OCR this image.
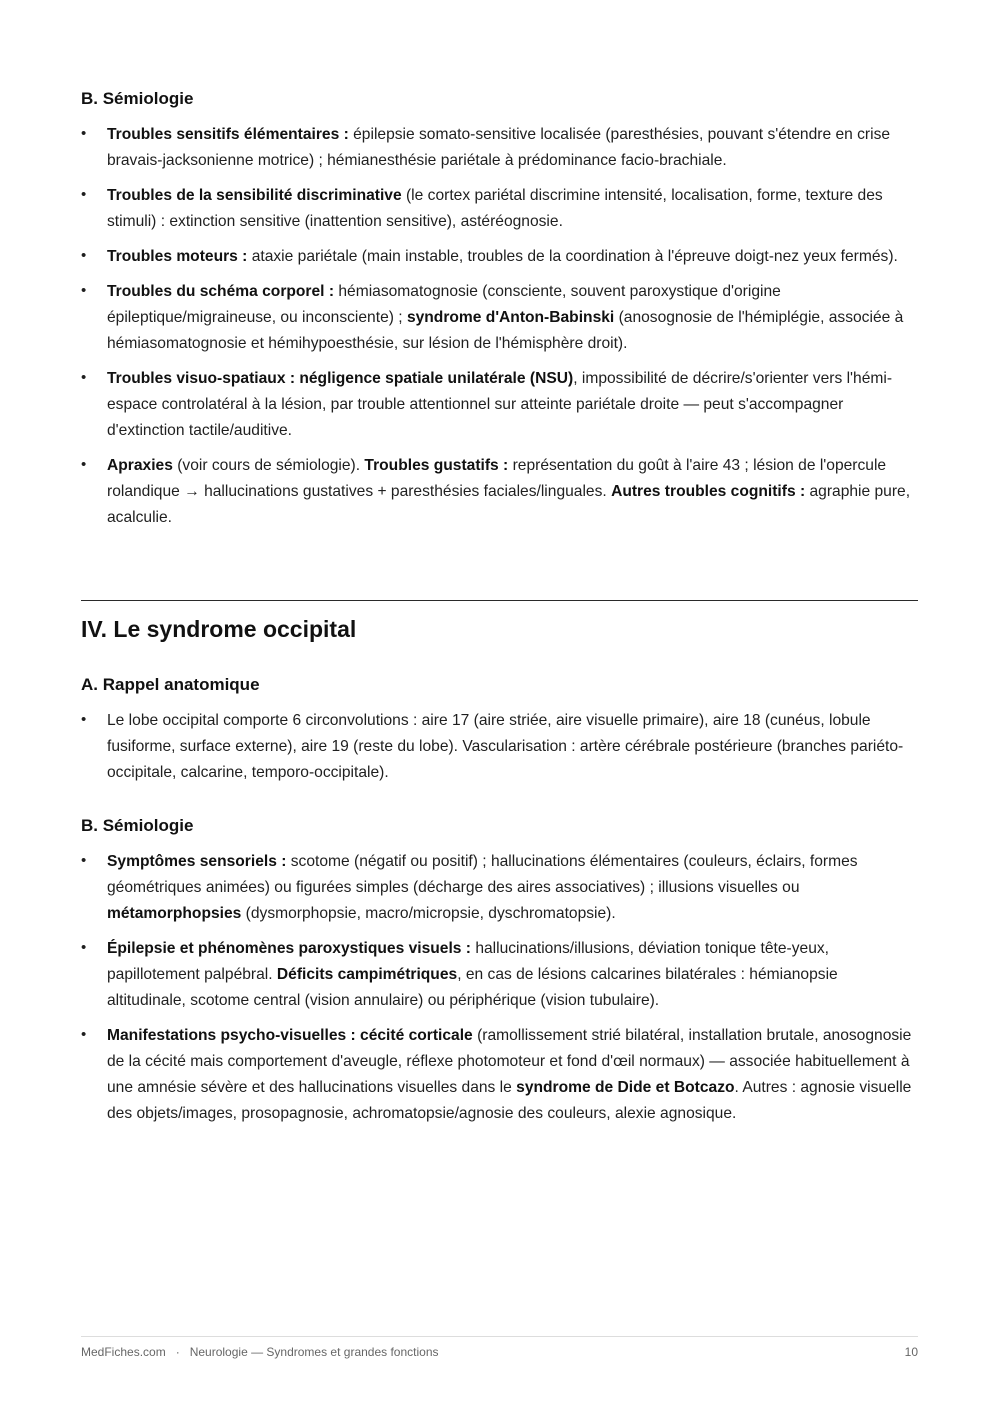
B. Sémiologie
• Troubles sensitifs élémentaires : épilepsie somato-sensitive localisée (paresthésies, pouvant s'étendre en crise bravais-jacksonienne motrice) ; hémianesthésie pariétale à prédominance facio-brachiale.
• Troubles de la sensibilité discriminative (le cortex pariétal discrimine intensité, localisation, forme, texture des stimuli) : extinction sensitive (inattention sensitive), astéréognosie.
• Troubles moteurs : ataxie pariétale (main instable, troubles de la coordination à l'épreuve doigt-nez yeux fermés).
• Troubles du schéma corporel : hémiasomatognosie (consciente, souvent paroxystique d'origine épileptique/migraineuse, ou inconsciente) ; syndrome d'Anton-Babinski (anosognosie de l'hémiplégie, associée à hémiasomatognosie et hémihypoesthésie, sur lésion de l'hémisphère droit).
• Troubles visuo-spatiaux : négligence spatiale unilatérale (NSU), impossibilité de décrire/s'orienter vers l'hémi-espace controlatéral à la lésion, par trouble attentionnel sur atteinte pariétale droite — peut s'accompagner d'extinction tactile/auditive.
• Apraxies (voir cours de sémiologie). Troubles gustatifs : représentation du goût à l'aire 43 ; lésion de l'opercule rolandique → hallucinations gustatives + paresthésies faciales/linguales. Autres troubles cognitifs : agraphie pure, acalculie.
IV. Le syndrome occipital
A. Rappel anatomique
• Le lobe occipital comporte 6 circonvolutions : aire 17 (aire striée, aire visuelle primaire), aire 18 (cunéus, lobule fusiforme, surface externe), aire 19 (reste du lobe). Vascularisation : artère cérébrale postérieure (branches pariéto-occipitale, calcarine, temporo-occipitale).
B. Sémiologie
• Symptômes sensoriels : scotome (négatif ou positif) ; hallucinations élémentaires (couleurs, éclairs, formes géométriques animées) ou figurées simples (décharge des aires associatives) ; illusions visuelles ou métamorphopsies (dysmorphopsie, macro/micropsie, dyschromatopsie).
• Épilepsie et phénomènes paroxystiques visuels : hallucinations/illusions, déviation tonique tête-yeux, papillotement palpébral. Déficits campimétriques, en cas de lésions calcarines bilatérales : hémianopsie altitudinale, scotome central (vision annulaire) ou périphérique (vision tubulaire).
• Manifestations psycho-visuelles : cécité corticale (ramollissement strié bilatéral, installation brutale, anosognosie de la cécité mais comportement d'aveugle, réflexe photomoteur et fond d'œil normaux) — associée habituellement à une amnésie sévère et des hallucinations visuelles dans le syndrome de Dide et Botcazo. Autres : agnosie visuelle des objets/images, prosopagnosie, achromatopsie/agnosie des couleurs, alexie agnosique.
MedFiches.com · Neurologie — Syndromes et grandes fonctions	10
